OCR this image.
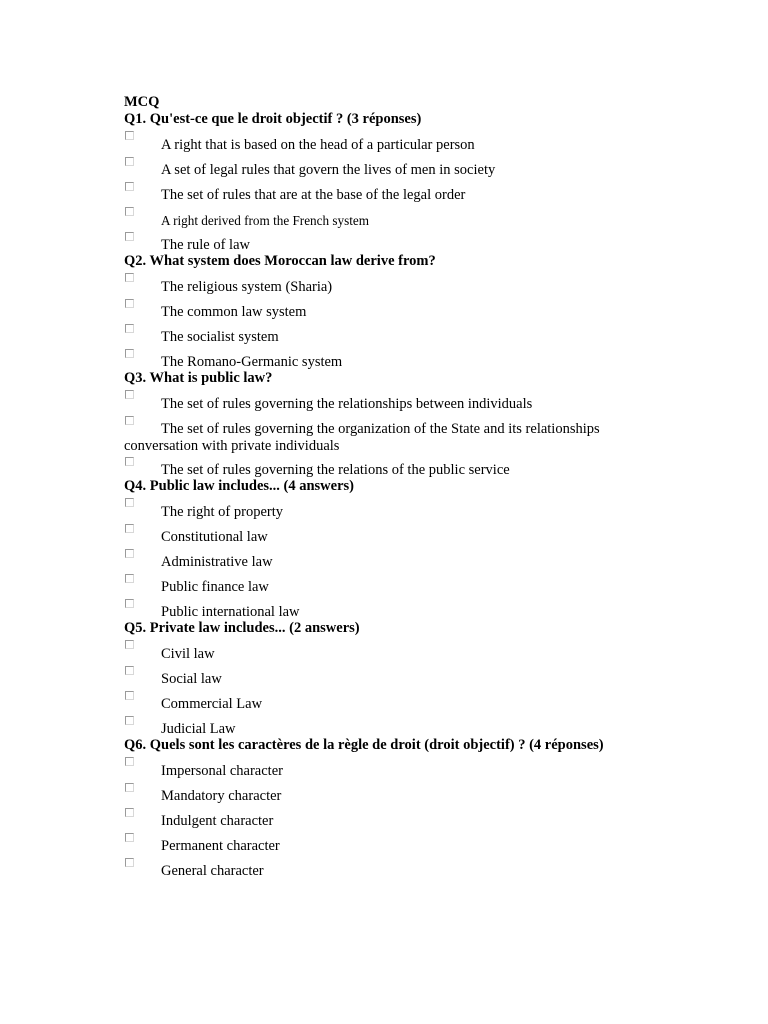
MCQ
Q1. Qu'est-ce que le droit objectif ? (3 réponses)
A right that is based on the head of a particular person
A set of legal rules that govern the lives of men in society
The set of rules that are at the base of the legal order
A right derived from the French system
The rule of law
Q2. What system does Moroccan law derive from?
The religious system (Sharia)
The common law system
The socialist system
The Romano-Germanic system
Q3. What is public law?
The set of rules governing the relationships between individuals
The set of rules governing the organization of the State and its relationships conversation with private individuals
The set of rules governing the relations of the public service
Q4. Public law includes... (4 answers)
The right of property
Constitutional law
Administrative law
Public finance law
Public international law
Q5. Private law includes... (2 answers)
Civil law
Social law
Commercial Law
Judicial Law
Q6. Quels sont les caractères de la règle de droit (droit objectif) ? (4 réponses)
Impersonal character
Mandatory character
Indulgent character
Permanent character
General character
